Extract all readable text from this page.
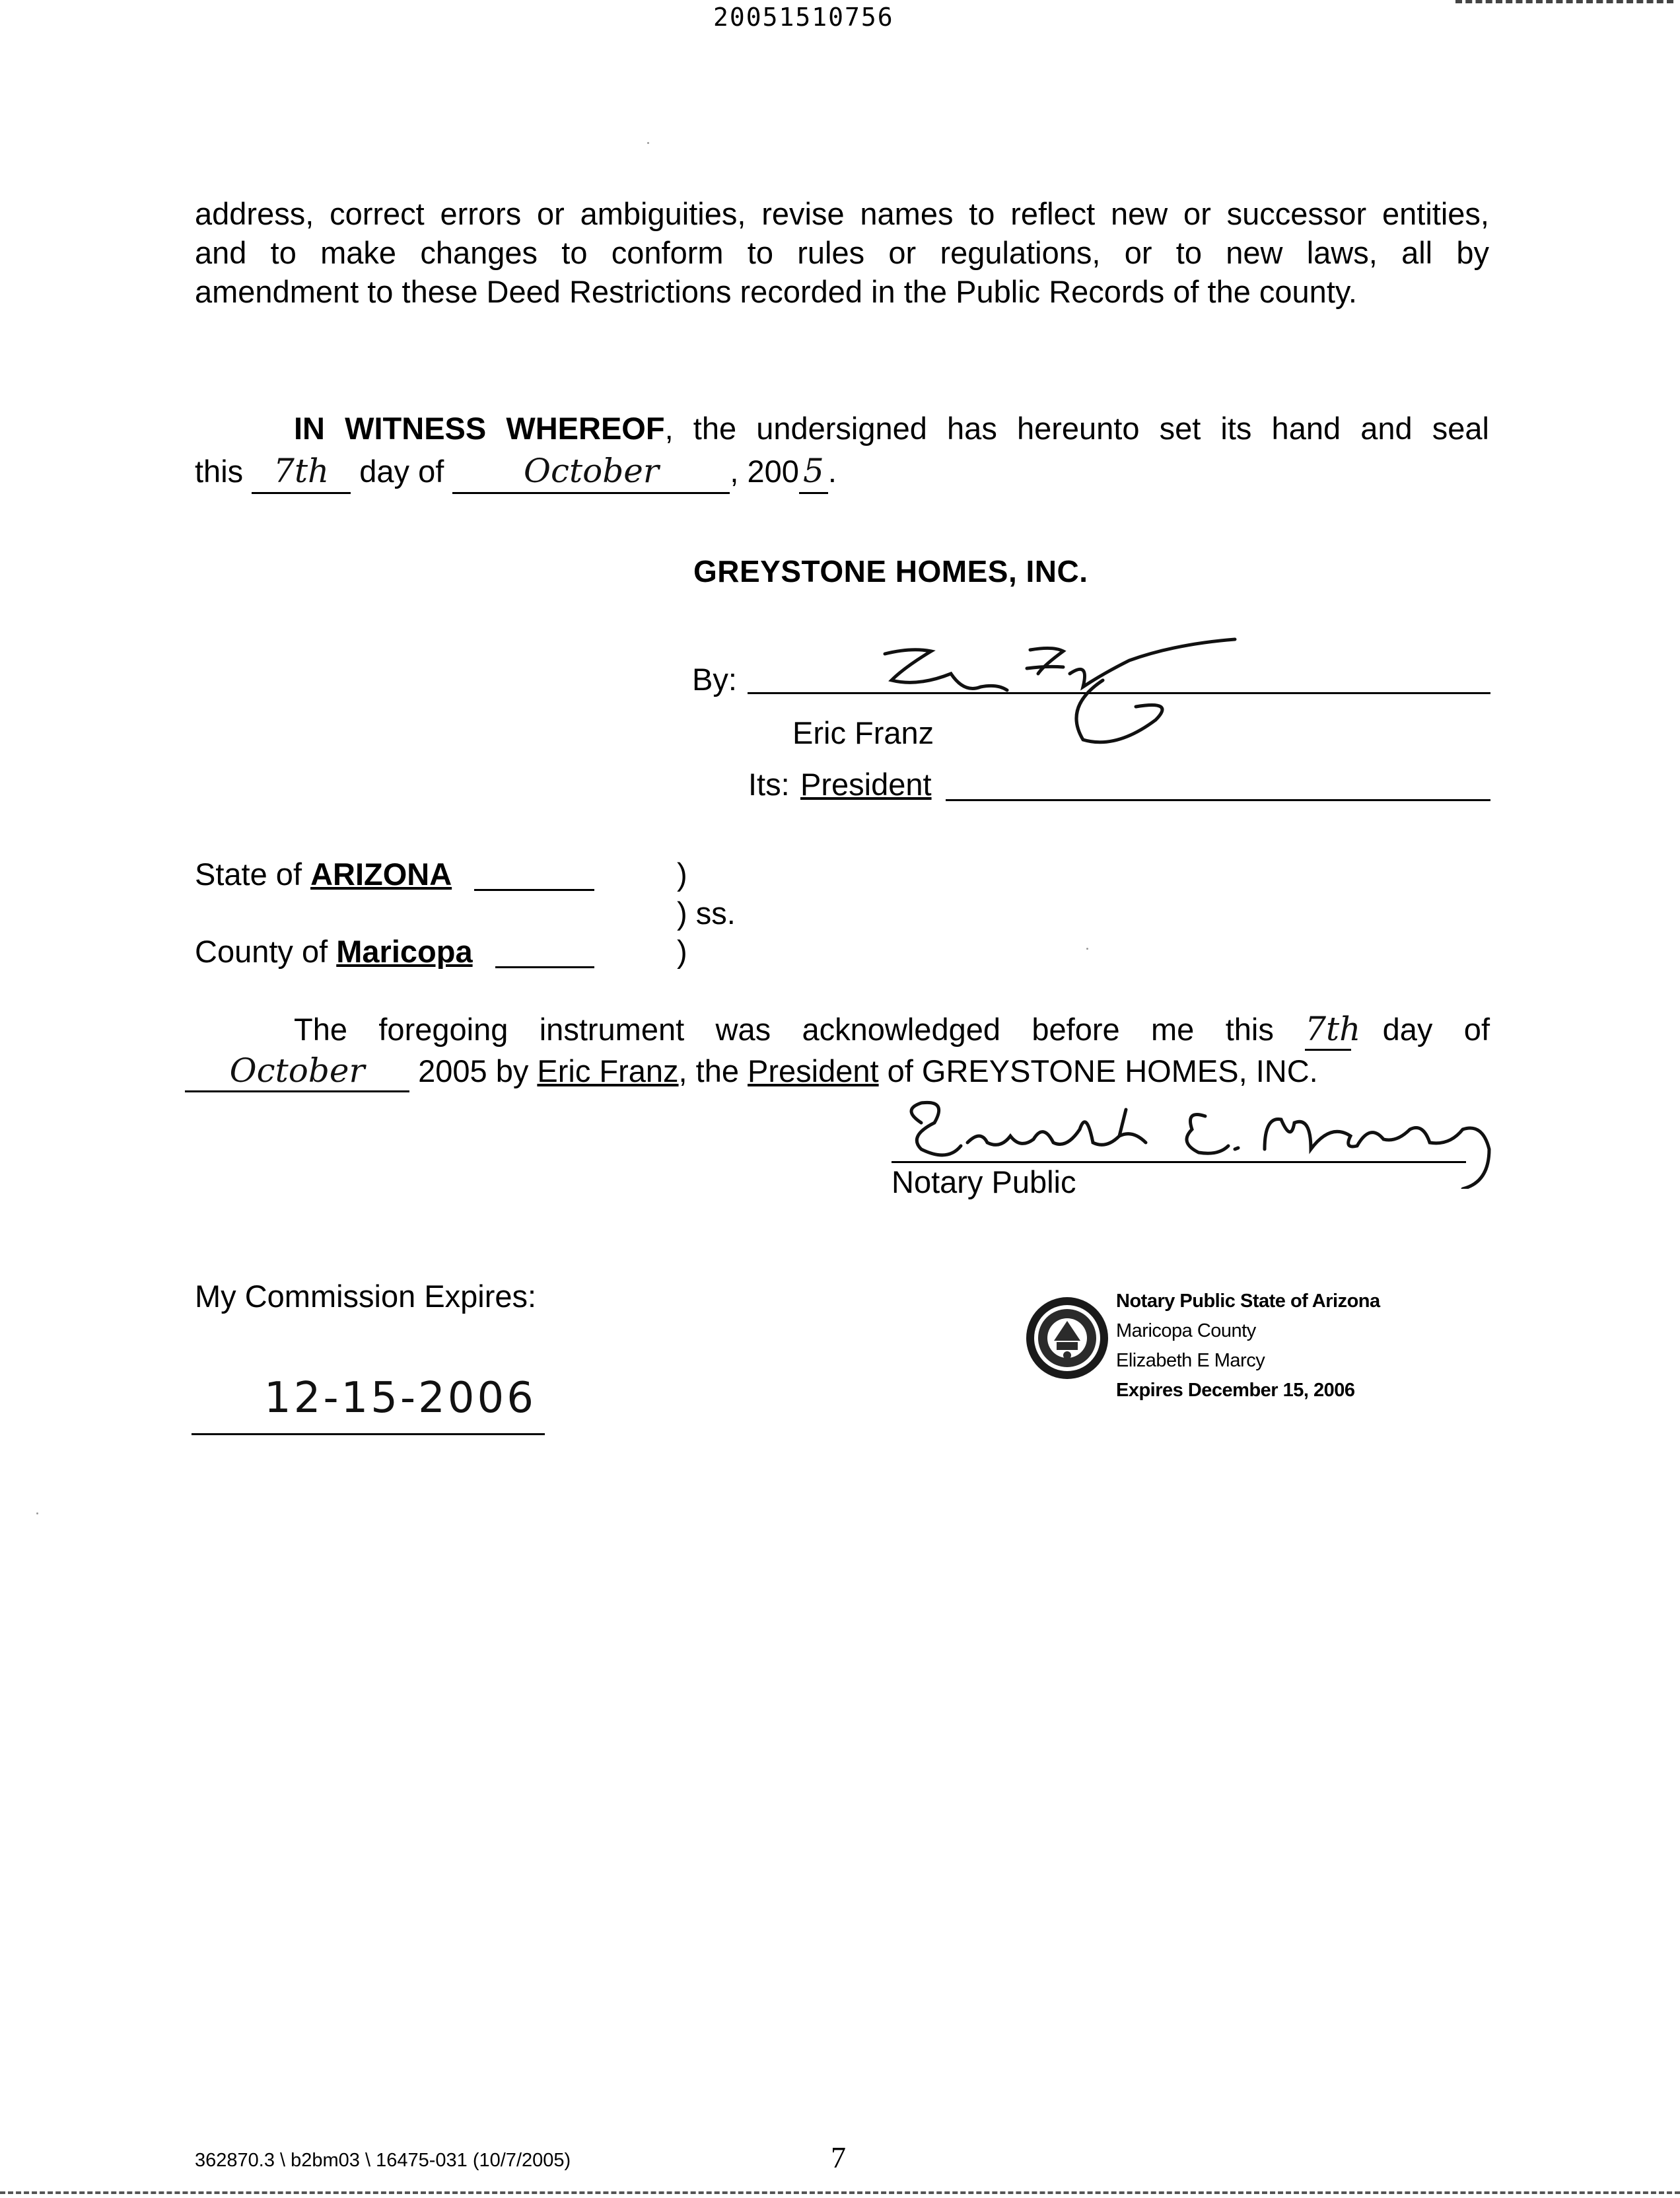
20051510756
address, correct errors or ambiguities, revise names to reflect new or successor entities,
and to make changes to conform to rules or regulations, or to new laws, all by
amendment to these Deed Restrictions recorded in the Public Records of the county.
IN WITNESS WHEREOF, the undersigned has hereunto set its hand and seal
this 7th day of October , 200 5 .
GREYSTONE HOMES, INC.
By:
Eric Franz
Its: President
State of ARIZONA
County of Maricopa
)
) ss.
)
The foregoing instrument was acknowledged before me this 7th day of
October 2005 by Eric Franz, the President of GREYSTONE HOMES, INC.
Notary Public
My Commission Expires:
12-15-2006
Notary Public State of Arizona
Maricopa County
Elizabeth E Marcy
Expires December 15, 2006
362870.3 \ b2bm03 \ 16475-031 (10/7/2005)	7
